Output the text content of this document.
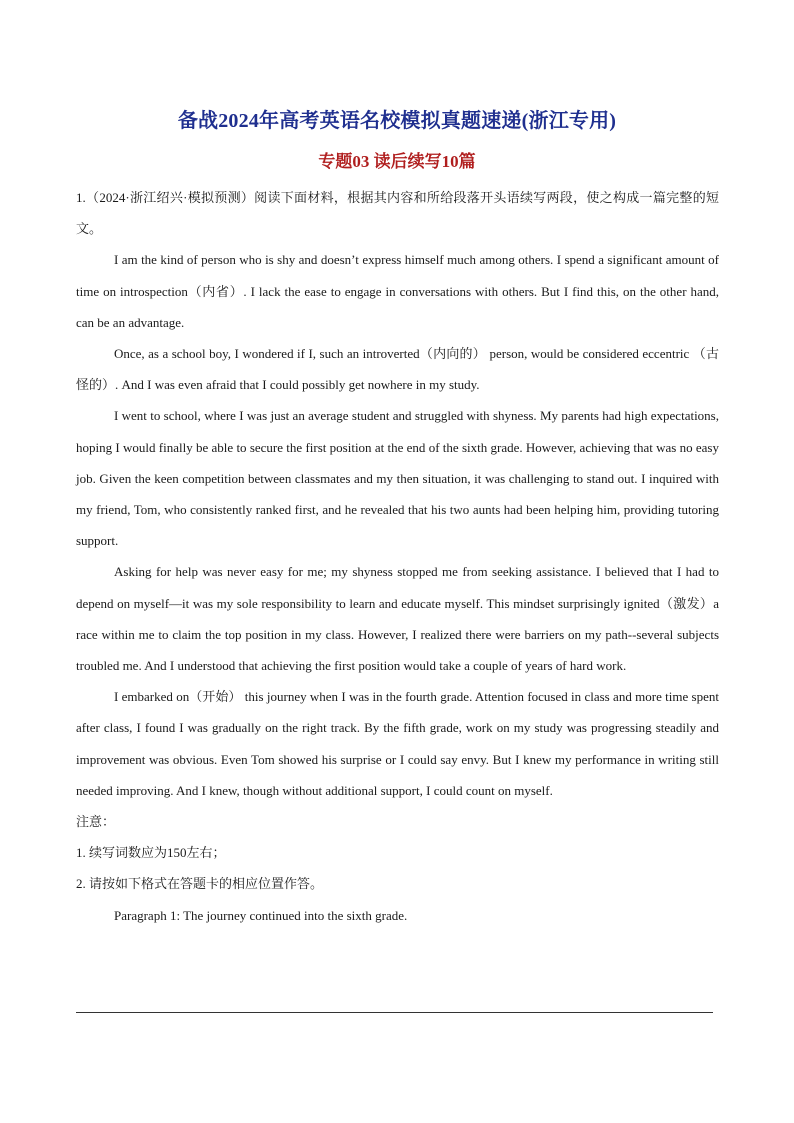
备战2024年高考英语名校模拟真题速递(浙江专用)
专题03 读后续写10篇

1.（2024·浙江绍兴·模拟预测）阅读下面材料，根据其内容和所给段落开头语续写两段，使之构成一篇完整的短文。

I am the kind of person who is shy and doesn’t express himself much among others. I spend a significant amount of time on introspection（内省）. I lack the ease to engage in conversations with others. But I find this, on the other hand, can be an advantage.

Once, as a school boy, I wondered if I, such an introverted（内向的） person, would be considered eccentric （古怪的）. And I was even afraid that I could possibly get nowhere in my study.

I went to school, where I was just an average student and struggled with shyness. My parents had high expectations, hoping I would finally be able to secure the first position at the end of the sixth grade. However, achieving that was no easy job. Given the keen competition between classmates and my then situation, it was challenging to stand out. I inquired with my friend, Tom, who consistently ranked first, and he revealed that his two aunts had been helping him, providing tutoring support.

Asking for help was never easy for me; my shyness stopped me from seeking assistance. I believed that I had to depend on myself—it was my sole responsibility to learn and educate myself. This mindset surprisingly ignited（激发）a race within me to claim the top position in my class. However, I realized there were barriers on my path--several subjects troubled me. And I understood that achieving the first position would take a couple of years of hard work.

I embarked on（开始） this journey when I was in the fourth grade. Attention focused in class and more time spent after class, I found I was gradually on the right track. By the fifth grade, work on my study was progressing steadily and improvement was obvious. Even Tom showed his surprise or I could say envy. But I knew my performance in writing still needed improving. And I knew, though without additional support, I could count on myself.

注意：

1. 续写词数应为150左右；

2. 请按如下格式在答题卡的相应位置作答。

Paragraph 1: The journey continued into the sixth grade.
